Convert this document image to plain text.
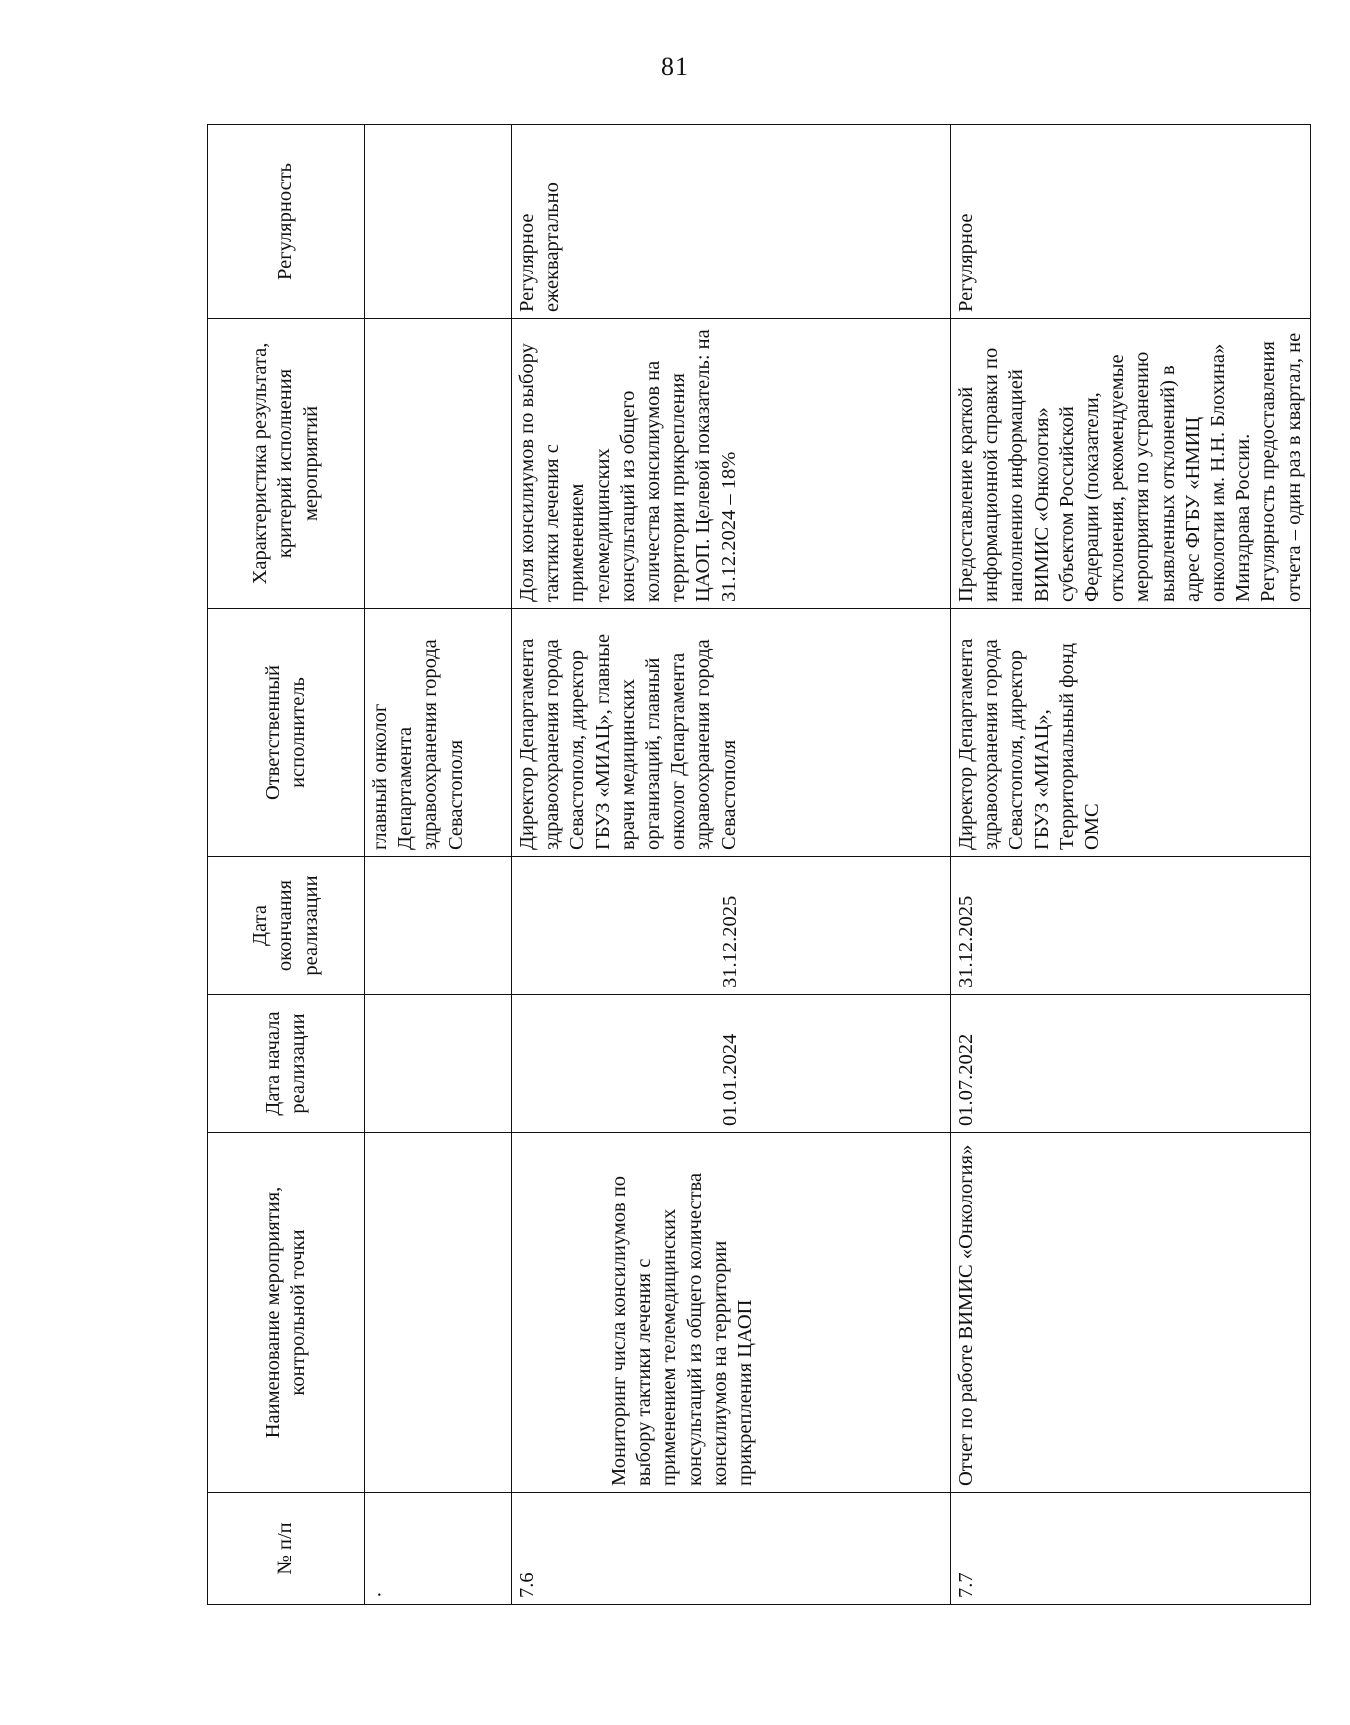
81
№ п/п	Наименование мероприятия, контрольной точки	Дата начала реализации	Дата окончания реализации	Ответственный исполнитель	Характеристика результата, критерий исполнения мероприятий	Регулярность
·				главный онколог Департамента здравоохранения города Севастополя		
7.6	Мониторинг числа консилиумов по выбору тактики лечения с применением телемедицинских консультаций из общего количества консилиумов на территории прикрепления ЦАОП	01.01.2024	31.12.2025	Директор Департамента здравоохранения города Севастополя, директор ГБУЗ «МИАЦ», главные врачи медицинских организаций, главный онколог Департамента здравоохранения города Севастополя	Доля консилиумов по выбору тактики лечения с применением телемедицинских консультаций из общего количества консилиумов на территории прикрепления ЦАОП. Целевой показатель: на 31.12.2024 – 18%	Регулярное ежеквартально
7.7	Отчет по работе ВИМИС «Онкология»	01.07.2022	31.12.2025	Директор Департамента здравоохранения города Севастополя, директор ГБУЗ «МИАЦ», Территориальный фонд ОМС	Предоставление краткой информационной справки по наполнению информацией ВИМИС «Онкология» субъектом Российской Федерации (показатели, отклонения, рекомендуемые мероприятия по устранению выявленных отклонений) в адрес ФГБУ «НМИЦ онкологии им. Н.Н. Блохина» Минздрава России. Регулярность предоставления отчета – один раз в квартал, не	Регулярное
